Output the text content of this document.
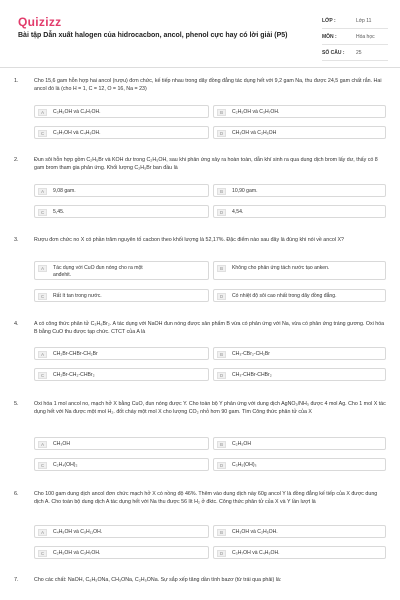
Quizizz
Bài tập Dẫn xuất halogen của hidrocacbon, ancol, phenol cực hay có lời giải (P5)
LỚP :	Lớp 11
MÔN :	Hóa học
SỐ CÂU :	25
1.	Cho 15,6 gam hỗn hợp hai ancol (rượu) đơn chức, kế tiếp nhau trong dãy đồng đẳng tác dụng hết với 9,2 gam Na, thu được 24,5 gam chất rắn. Hai ancol đó là (cho H = 1, C = 12, O = 16, Na = 23)
A	C₃H₅OH và C₄H₇OH.	B	C₂H₅OH và C₃H₇OH.
C	C₃H₇OH và C₄H₉OH.	D	CH₃OH và C₂H₅OH
2.	Đun sôi hỗn hợp gồm C₂H₅Br và KOH dư trong C₂H₅OH, sau khi phản ứng xảy ra hoàn toàn, dẫn khí sinh ra qua dung dịch brom lấy dư, thấy có 8 gam brom tham gia phản ứng. Khối lượng C₂H₅Br ban đầu là
A	9,08 gam.	B	10,90 gam.
C	5,45.	D	4,54.
3.	Rượu đơn chức no X có phần trăm nguyên tố cacbon theo khối lượng là 52,17%. Đặc điểm nào sau đây là đúng khi nói về ancol X?
A	Tác dụng với CuO đun nóng cho ra một anđehit.
B	Không cho phản ứng tách nước tạo anken.
C	Rất ít tan trong nước.	D	Có nhiệt độ sôi cao nhất trong dãy đồng đẳng.
4.	A có công thức phân tử C₃H₆Br₂. A tác dụng với NaOH đun nóng được sản phẩm B vừa có phản ứng với Na, vừa có phản ứng tráng gương. Oxi hóa B bằng CuO thu được tạp chức. CTCT của A là
A	CH₂Br-CHBr-CH₂Br	B	CH₃-CBr₂-CH₂Br
C	CH₂Br-CH₂-CHBr₂	D	CH₃-CHBr-CHBr₂
5.	Oxi hóa 1 mol ancol no, mạch hở X bằng CuO, đun nóng được Y. Cho toàn bộ Y phản ứng với dung dịch AgNO₃/NH₃ được 4 mol Ag. Cho 1 mol X tác dụng hết với Na được một mol H₂. đốt cháy một mol X cho lượng CO₂ nhỏ hơn 90 gam. Tìm Công thức phân tử của X
A	CH₃OH	B	C₂H₅OH
C	C₂H₄(OH)₂	D	C₃H₅(OH)₃
6.	Cho 100 gam dung dịch ancol đơn chức mạch hở X có nồng độ 46%. Thêm vào dung dịch này 60g ancol Y là đồng đẳng kế tiếp của X được dung dịch A. Cho toàn bộ dung dịch A tác dụng hết với Na thu được 56 lít H₂ ở đktc. Công thức phân tử của X và Y lần lượt là
A	C₄H₉OH và C₅H₁₁OH.	B	CH₃OH và C₂H₅OH.
C	C₂H₅OH và C₃H₇OH.	D	C₃H₇OH và C₄H₉OH.
7.	Cho các chất: NaOH, C₆H₅ONa, CH₃ONa, C₂H₅ONa. Sự sắp xếp tăng dần tính bazơ (từ trái qua phải) là:
